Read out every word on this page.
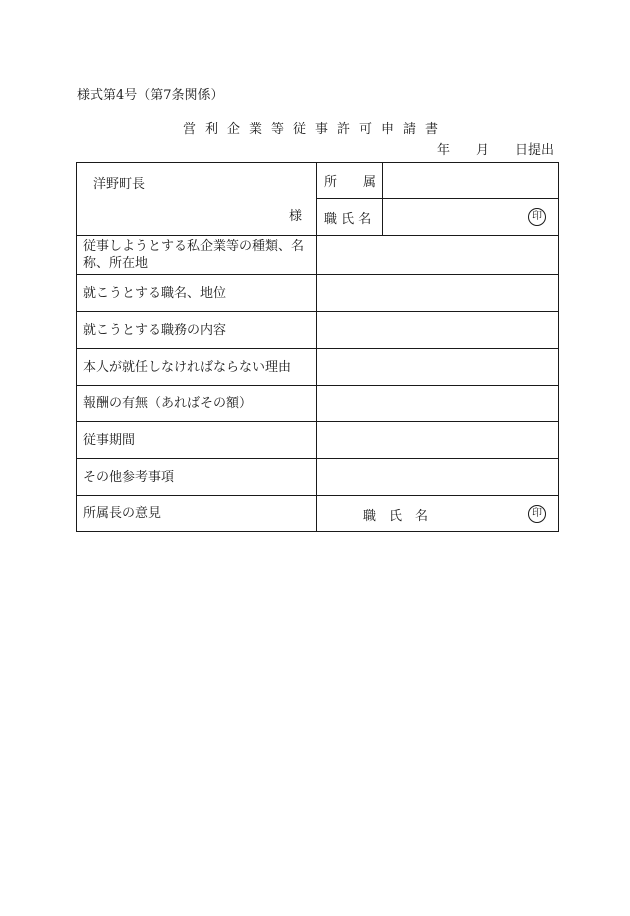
様式第4号（第7条関係）
営利企業等従事許可申請書
年　　月　　日提出
洋野町長
様	所　　属	
	職 氏 名	印

従事しようとする私企業等の種類、名称、所在地		
就こうとする職名、地位		
就こうとする職務の内容		
本人が就任しなければならない理由		
報酬の有無（あればその額）		
従事期間		
その他参考事項		
所属長の意見	職　氏　名 印	
